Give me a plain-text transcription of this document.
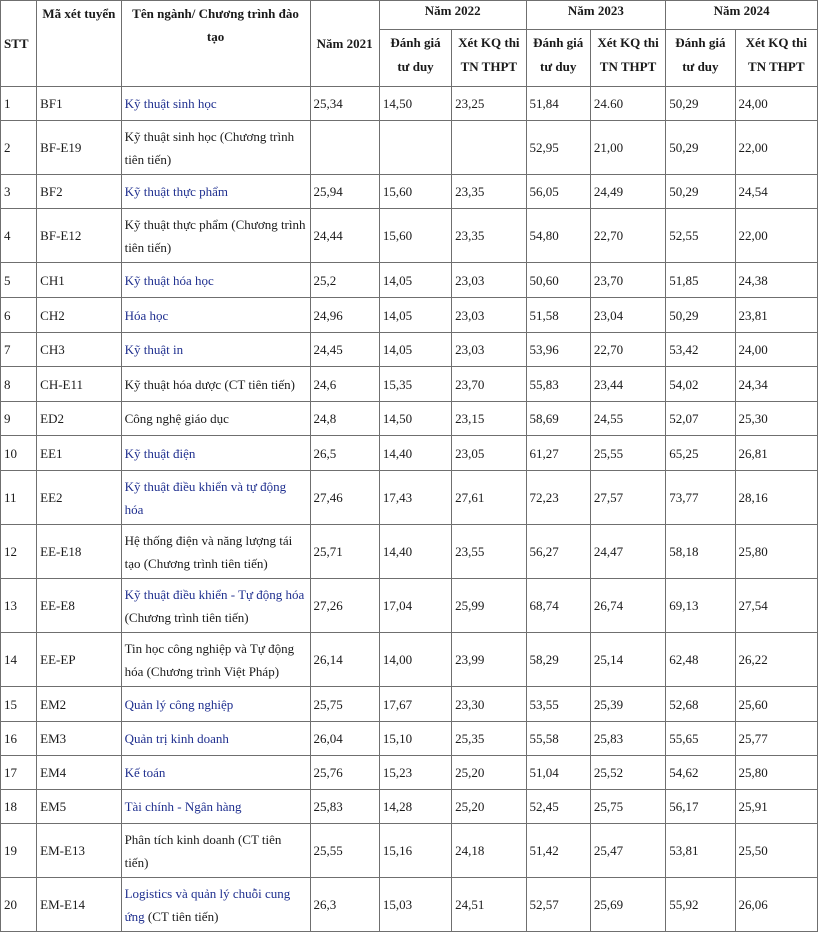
STT	Mã xét tuyển	Tên ngành/ Chương trình đào tạo	Năm 2021	Năm 2022		Năm 2023		Năm 2024	
				Đánh giá tư duy	Xét KQ thi TN THPT	Đánh giá tư duy	Xét KQ thi TN THPT	Đánh giá tư duy	Xét KQ thi TN THPT
1	BF1	Kỹ thuật sinh học	25,34	14,50	23,25	51,84	24.60	50,29	24,00
2	BF-E19	Kỹ thuật sinh học (Chương trình tiên tiến)				52,95	21,00	50,29	22,00
3	BF2	Kỹ thuật thực phẩm	25,94	15,60	23,35	56,05	24,49	50,29	24,54
4	BF-E12	Kỹ thuật thực phẩm (Chương trình tiên tiến)	24,44	15,60	23,35	54,80	22,70	52,55	22,00
5	CH1	Kỹ thuật hóa học	25,2	14,05	23,03	50,60	23,70	51,85	24,38
6	CH2	Hóa học	24,96	14,05	23,03	51,58	23,04	50,29	23,81
7	CH3	Kỹ thuật in	24,45	14,05	23,03	53,96	22,70	53,42	24,00
8	CH-E11	Kỹ thuật hóa dược (CT tiên tiến)	24,6	15,35	23,70	55,83	23,44	54,02	24,34
9	ED2	Công nghệ giáo dục	24,8	14,50	23,15	58,69	24,55	52,07	25,30
10	EE1	Kỹ thuật điện	26,5	14,40	23,05	61,27	25,55	65,25	26,81
11	EE2	Kỹ thuật điều khiển và tự động hóa	27,46	17,43	27,61	72,23	27,57	73,77	28,16
12	EE-E18	Hệ thống điện và năng lượng tái tạo (Chương trình tiên tiến)	25,71	14,40	23,55	56,27	24,47	58,18	25,80
13	EE-E8	Kỹ thuật điều khiển - Tự động hóa (Chương trình tiên tiến)	27,26	17,04	25,99	68,74	26,74	69,13	27,54
14	EE-EP	Tin học công nghiệp và Tự động hóa (Chương trình Việt Pháp)	26,14	14,00	23,99	58,29	25,14	62,48	26,22
15	EM2	Quản lý công nghiệp	25,75	17,67	23,30	53,55	25,39	52,68	25,60
16	EM3	Quản trị kinh doanh	26,04	15,10	25,35	55,58	25,83	55,65	25,77
17	EM4	Kế toán	25,76	15,23	25,20	51,04	25,52	54,62	25,80
18	EM5	Tài chính - Ngân hàng	25,83	14,28	25,20	52,45	25,75	56,17	25,91
19	EM-E13	Phân tích kinh doanh (CT tiên tiến)	25,55	15,16	24,18	51,42	25,47	53,81	25,50
20	EM-E14	Logistics và quản lý chuỗi cung ứng (CT tiên tiến)	26,3	15,03	24,51	52,57	25,69	55,92	26,06
